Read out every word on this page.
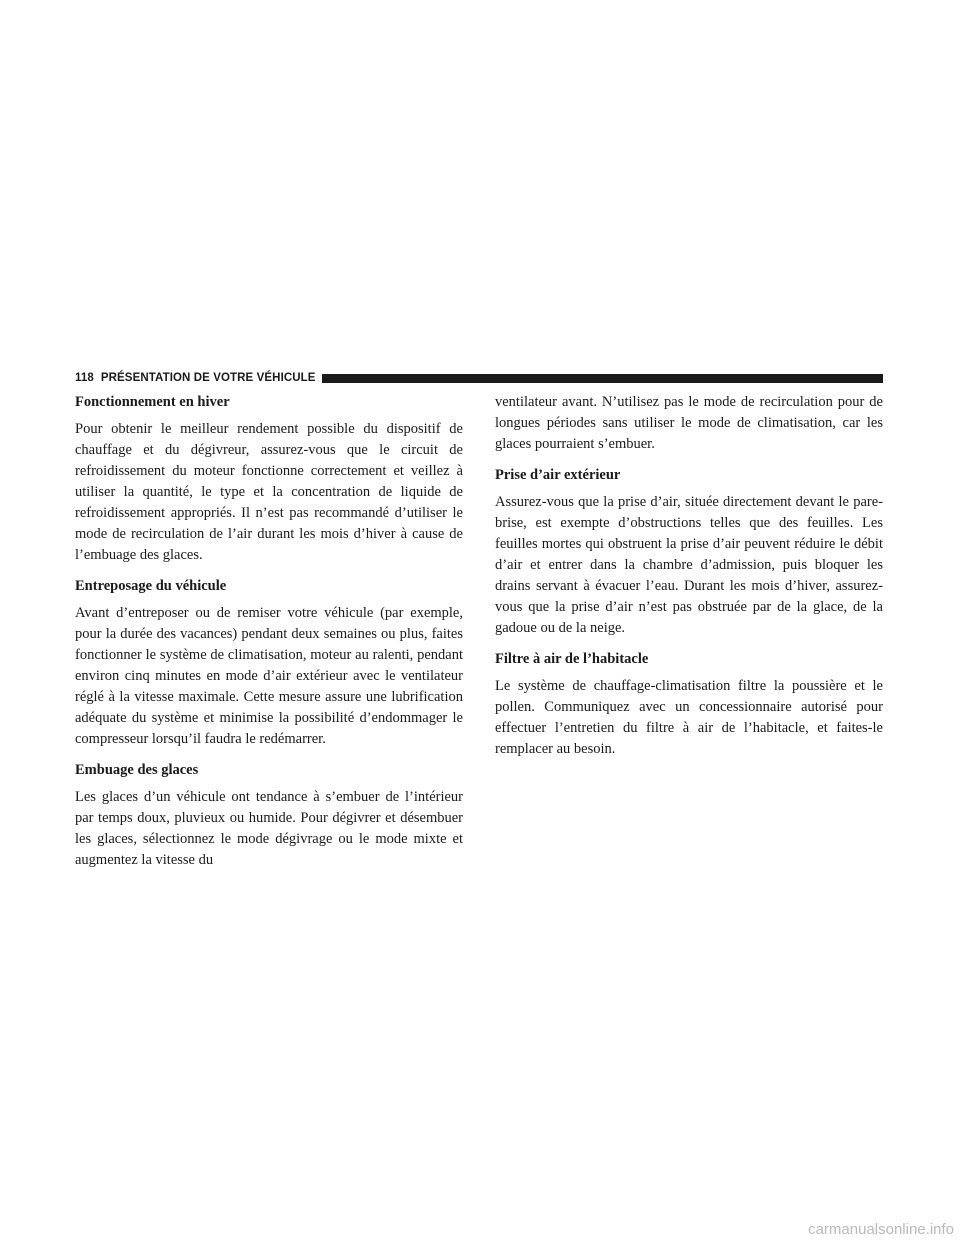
118 PRÉSENTATION DE VOTRE VÉHICULE
Fonctionnement en hiver

Pour obtenir le meilleur rendement possible du dispositif de chauffage et du dégivreur, assurez-vous que le circuit de refroidissement du moteur fonctionne correctement et veillez à utiliser la quantité, le type et la concentration de liquide de refroidissement appropriés. Il n’est pas recommandé d’utiliser le mode de recirculation de l’air durant les mois d’hiver à cause de l’embuage des glaces.

Entreposage du véhicule

Avant d’entreposer ou de remiser votre véhicule (par exemple, pour la durée des vacances) pendant deux semaines ou plus, faites fonctionner le système de climatisation, moteur au ralenti, pendant environ cinq minutes en mode d’air extérieur avec le ventilateur réglé à la vitesse maximale. Cette mesure assure une lubrification adéquate du système et minimise la possibilité d’endommager le compresseur lorsqu’il faudra le redémarrer.

Embuage des glaces

Les glaces d’un véhicule ont tendance à s’embuer de l’intérieur par temps doux, pluvieux ou humide. Pour dégivrer et désembuer les glaces, sélectionnez le mode dégivrage ou le mode mixte et augmentez la vitesse du

ventilateur avant. N’utilisez pas le mode de recirculation pour de longues périodes sans utiliser le mode de climatisation, car les glaces pourraient s’embuer.

Prise d’air extérieur

Assurez-vous que la prise d’air, située directement devant le pare-brise, est exempte d’obstructions telles que des feuilles. Les feuilles mortes qui obstruent la prise d’air peuvent réduire le débit d’air et entrer dans la chambre d’admission, puis bloquer les drains servant à évacuer l’eau. Durant les mois d’hiver, assurez-vous que la prise d’air n’est pas obstruée par de la glace, de la gadoue ou de la neige.

Filtre à air de l’habitacle

Le système de chauffage-climatisation filtre la poussière et le pollen. Communiquez avec un concessionnaire autorisé pour effectuer l’entretien du filtre à air de l’habitacle, et faites-le remplacer au besoin.

carmanualsonline.info
